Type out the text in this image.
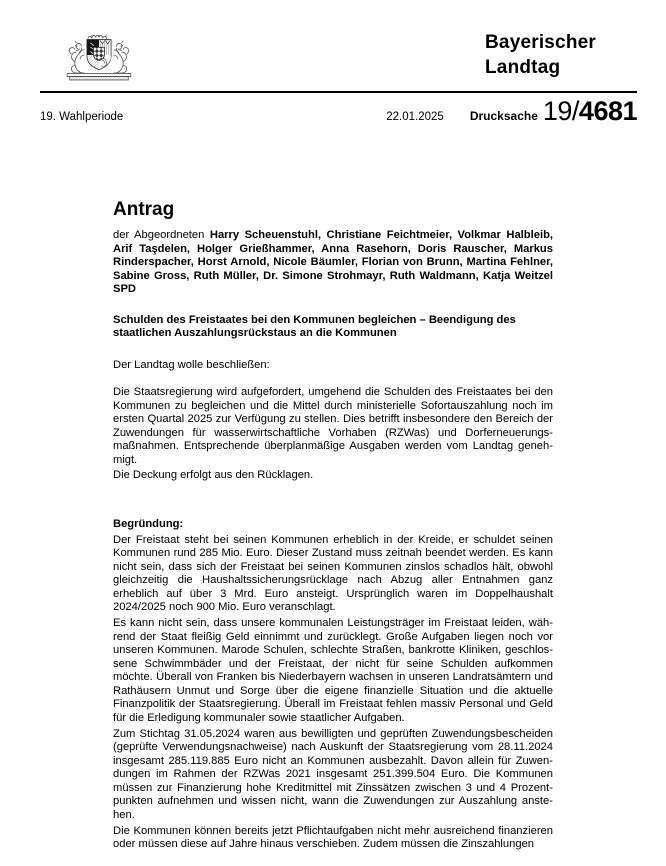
Bayerischer
Landtag
19. Wahlperiode	22.01.2025 Drucksache 19/4681
Antrag

der Abgeordneten Harry Scheuenstuhl, Christiane Feichtmeier, Volkmar Halbleib, Arif Taşdelen, Holger Grießhammer, Anna Rasehorn, Doris Rauscher, Markus Rinderspacher, Horst Arnold, Nicole Bäumler, Florian von Brunn, Martina Fehlner, Sabine Gross, Ruth Müller, Dr. Simone Strohmayr, Ruth Waldmann, Katja Weitzel SPD

Schulden des Freistaates bei den Kommunen begleichen – Beendigung des staatlichen Auszahlungsrückstaus an die Kommunen

Der Landtag wolle beschließen:

Die Staatsregierung wird aufgefordert, umgehend die Schulden des Freistaates bei den Kommunen zu begleichen und die Mittel durch ministerielle Sofortauszahlung noch im ersten Quartal 2025 zur Verfügung zu stellen. Dies betrifft insbesondere den Bereich der Zuwendungen für wasserwirtschaftliche Vorhaben (RZWas) und Dorferneuerungsmaßnahmen. Entsprechende überplanmäßige Ausgaben werden vom Landtag genehmigt.

Die Deckung erfolgt aus den Rücklagen.

Begründung:

Der Freistaat steht bei seinen Kommunen erheblich in der Kreide, er schuldet seinen Kommunen rund 285 Mio. Euro. Dieser Zustand muss zeitnah beendet werden. Es kann nicht sein, dass sich der Freistaat bei seinen Kommunen zinslos schadlos hält, obwohl gleichzeitig die Haushaltssicherungsrücklage nach Abzug aller Entnahmen ganz erheblich auf über 3 Mrd. Euro ansteigt. Ursprünglich waren im Doppelhaushalt 2024/2025 noch 900 Mio. Euro veranschlagt.

Es kann nicht sein, dass unsere kommunalen Leistungsträger im Freistaat leiden, während der Staat fleißig Geld einnimmt und zurücklegt. Große Aufgaben liegen noch vor unseren Kommunen. Marode Schulen, schlechte Straßen, bankrotte Kliniken, geschlossene Schwimmbäder und der Freistaat, der nicht für seine Schulden aufkommen möchte. Überall von Franken bis Niederbayern wachsen in unseren Landratsämtern und Rathäusern Unmut und Sorge über die eigene finanzielle Situation und die aktuelle Finanzpolitik der Staatsregierung. Überall im Freistaat fehlen massiv Personal und Geld für die Erledigung kommunaler sowie staatlicher Aufgaben.

Zum Stichtag 31.05.2024 waren aus bewilligten und geprüften Zuwendungsbescheiden (geprüfte Verwendungsnachweise) nach Auskunft der Staatsregierung vom 28.11.2024 insgesamt 285.119.885 Euro nicht an Kommunen ausbezahlt. Davon allein für Zuwendungen im Rahmen der RZWas 2021 insgesamt 251.399.504 Euro. Die Kommunen müssen zur Finanzierung hohe Kreditmittel mit Zinssätzen zwischen 3 und 4 Prozentpunkten aufnehmen und wissen nicht, wann die Zuwendungen zur Auszahlung anstehen.

Die Kommunen können bereits jetzt Pflichtaufgaben nicht mehr ausreichend finanzieren oder müssen diese auf Jahre hinaus verschieben. Zudem müssen die Zinszahlungen
